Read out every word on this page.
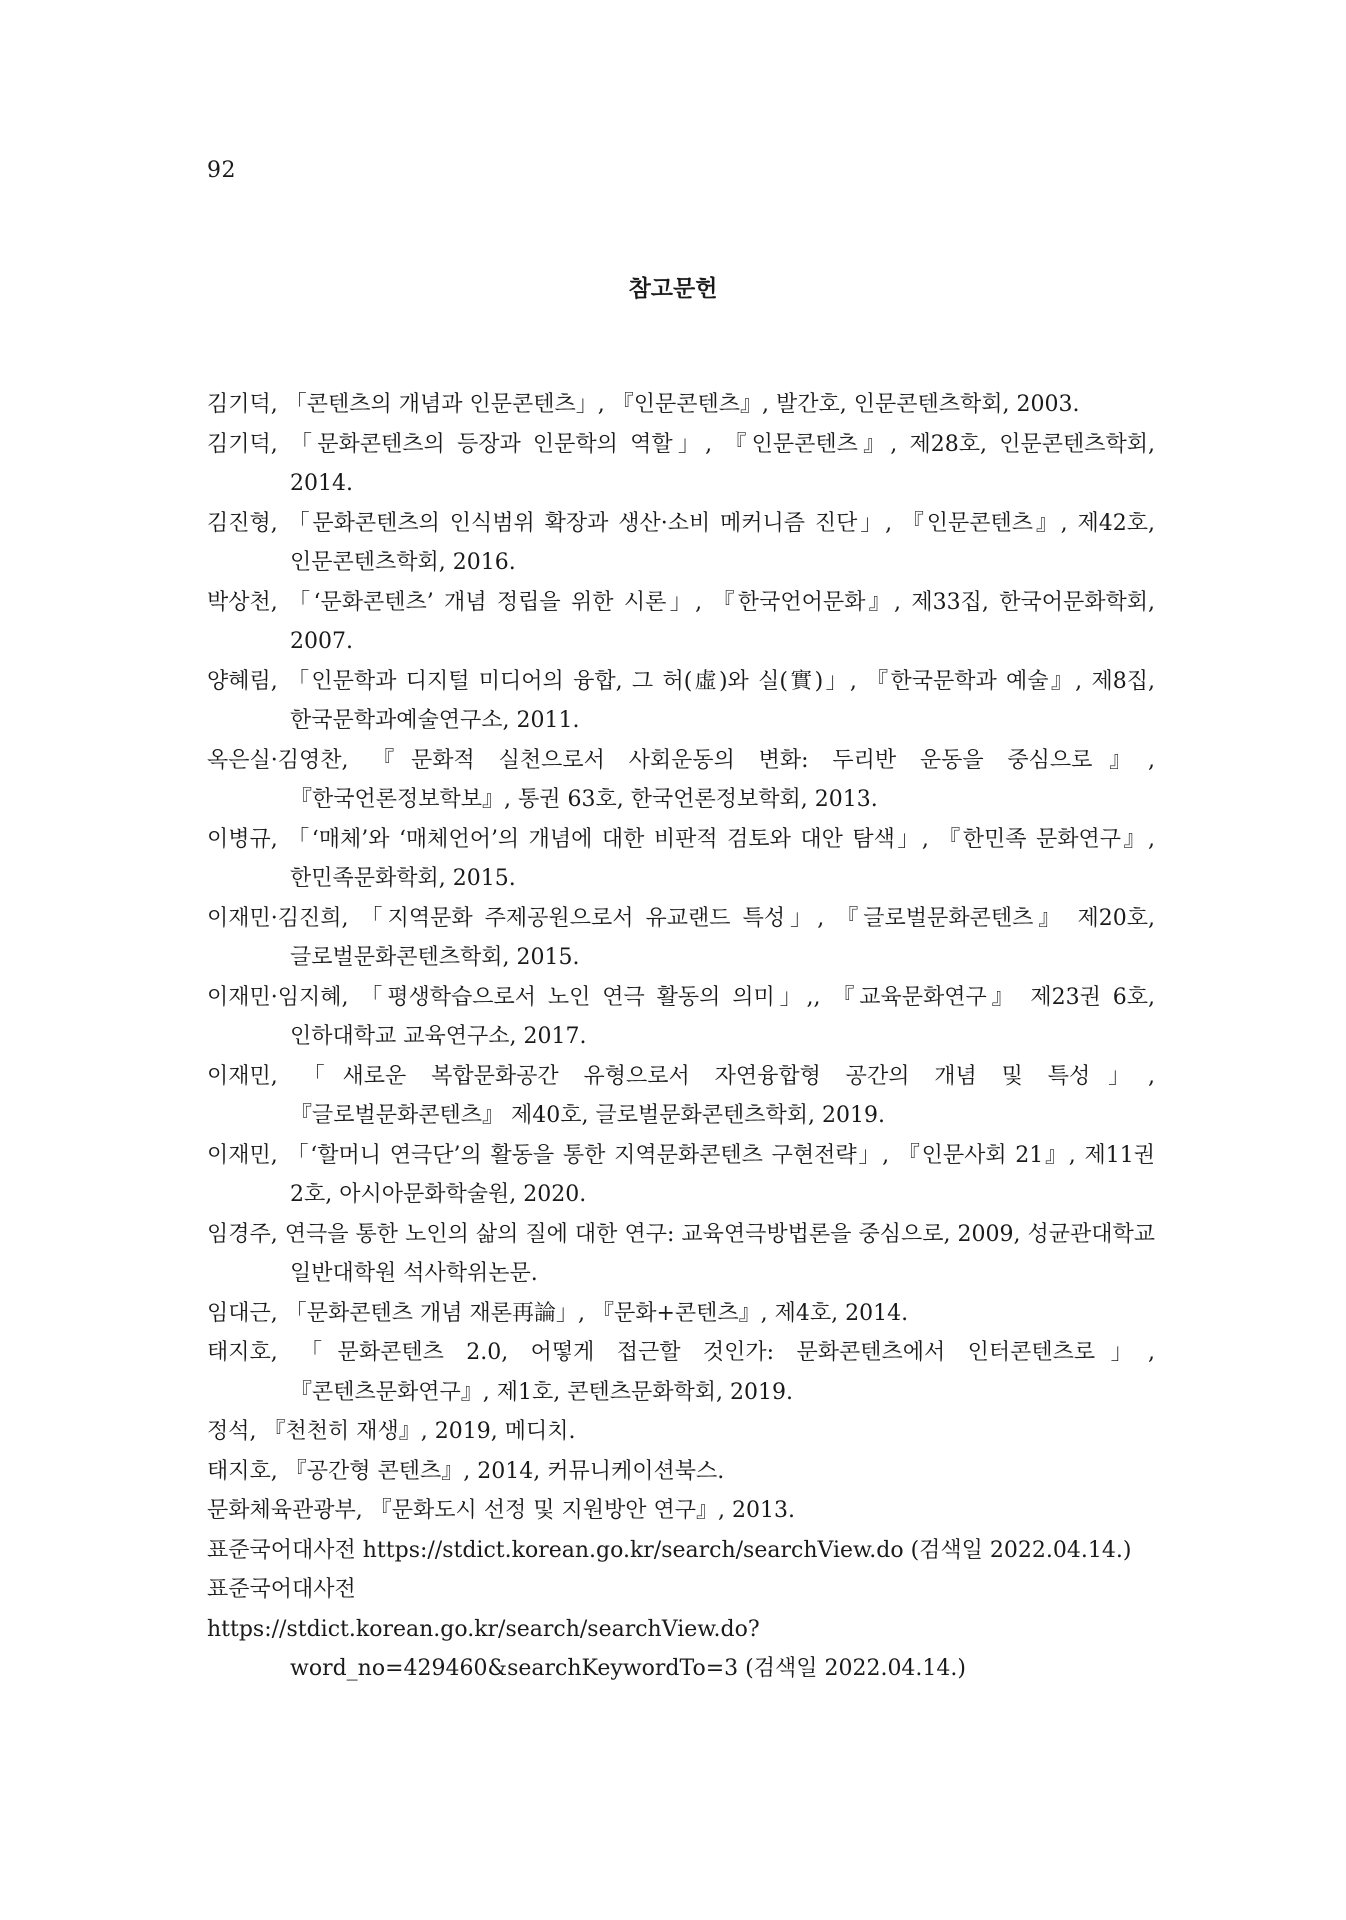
92
참고문헌
김기덕, 「콘텐츠의 개념과 인문콘텐츠」, 『인문콘텐츠』, 발간호, 인문콘텐츠학회, 2003.
김기덕, 「문화콘텐츠의 등장과 인문학의 역할」, 『인문콘텐츠』, 제28호, 인문콘텐츠학회, 2014.
김진형, 「문화콘텐츠의 인식범위 확장과 생산·소비 메커니즘 진단」, 『인문콘텐츠』, 제42호, 인문콘텐츠학회, 2016.
박상천, 「‘문화콘텐츠’ 개념 정립을 위한 시론」, 『한국언어문화』, 제33집, 한국어문화학회, 2007.
양혜림, 「인문학과 디지털 미디어의 융합, 그 허(虛)와 실(實)」, 『한국문학과 예술』, 제8집, 한국문학과예술연구소, 2011.
옥은실·김영찬, 『문화적 실천으로서 사회운동의 변화: 두리반 운동을 중심으로』, 『한국언론정보학보』, 통권 63호, 한국언론정보학회, 2013.
이병규, 「‘매체’와 ‘매체언어’의 개념에 대한 비판적 검토와 대안 탐색」, 『한민족 문화연구』, 한민족문화학회, 2015.
이재민·김진희, 「지역문화 주제공원으로서 유교랜드 특성」, 『글로벌문화콘텐츠』 제20호, 글로벌문화콘텐츠학회, 2015.
이재민·임지혜, 「평생학습으로서 노인 연극 활동의 의미」,, 『교육문화연구』 제23권 6호, 인하대학교 교육연구소, 2017.
이재민, 「새로운 복합문화공간 유형으로서 자연융합형 공간의 개념 및 특성」, 『글로벌문화콘텐츠』 제40호, 글로벌문화콘텐츠학회, 2019.
이재민, 「‘할머니 연극단’의 활동을 통한 지역문화콘텐츠 구현전략」, 『인문사회 21』, 제11권 2호, 아시아문화학술원, 2020.
임경주, 연극을 통한 노인의 삶의 질에 대한 연구: 교육연극방법론을 중심으로, 2009, 성균관대학교 일반대학원 석사학위논문.
임대근, 「문화콘텐츠 개념 재론再論」, 『문화+콘텐츠』, 제4호, 2014.
태지호, 「문화콘텐츠 2.0, 어떻게 접근할 것인가: 문화콘텐츠에서 인터콘텐츠로」, 『콘텐츠문화연구』, 제1호, 콘텐츠문화학회, 2019.
정석, 『천천히 재생』, 2019, 메디치.
태지호, 『공간형 콘텐츠』, 2014, 커뮤니케이션북스.
문화체육관광부, 『문화도시 선정 및 지원방안 연구』, 2013.
표준국어대사전 https://stdict.korean.go.kr/search/searchView.do (검색일 2022.04.14.)
표준국어대사전
https://stdict.korean.go.kr/search/searchView.do?word_no=429460&searchKeywordTo=3 (검색일 2022.04.14.)
